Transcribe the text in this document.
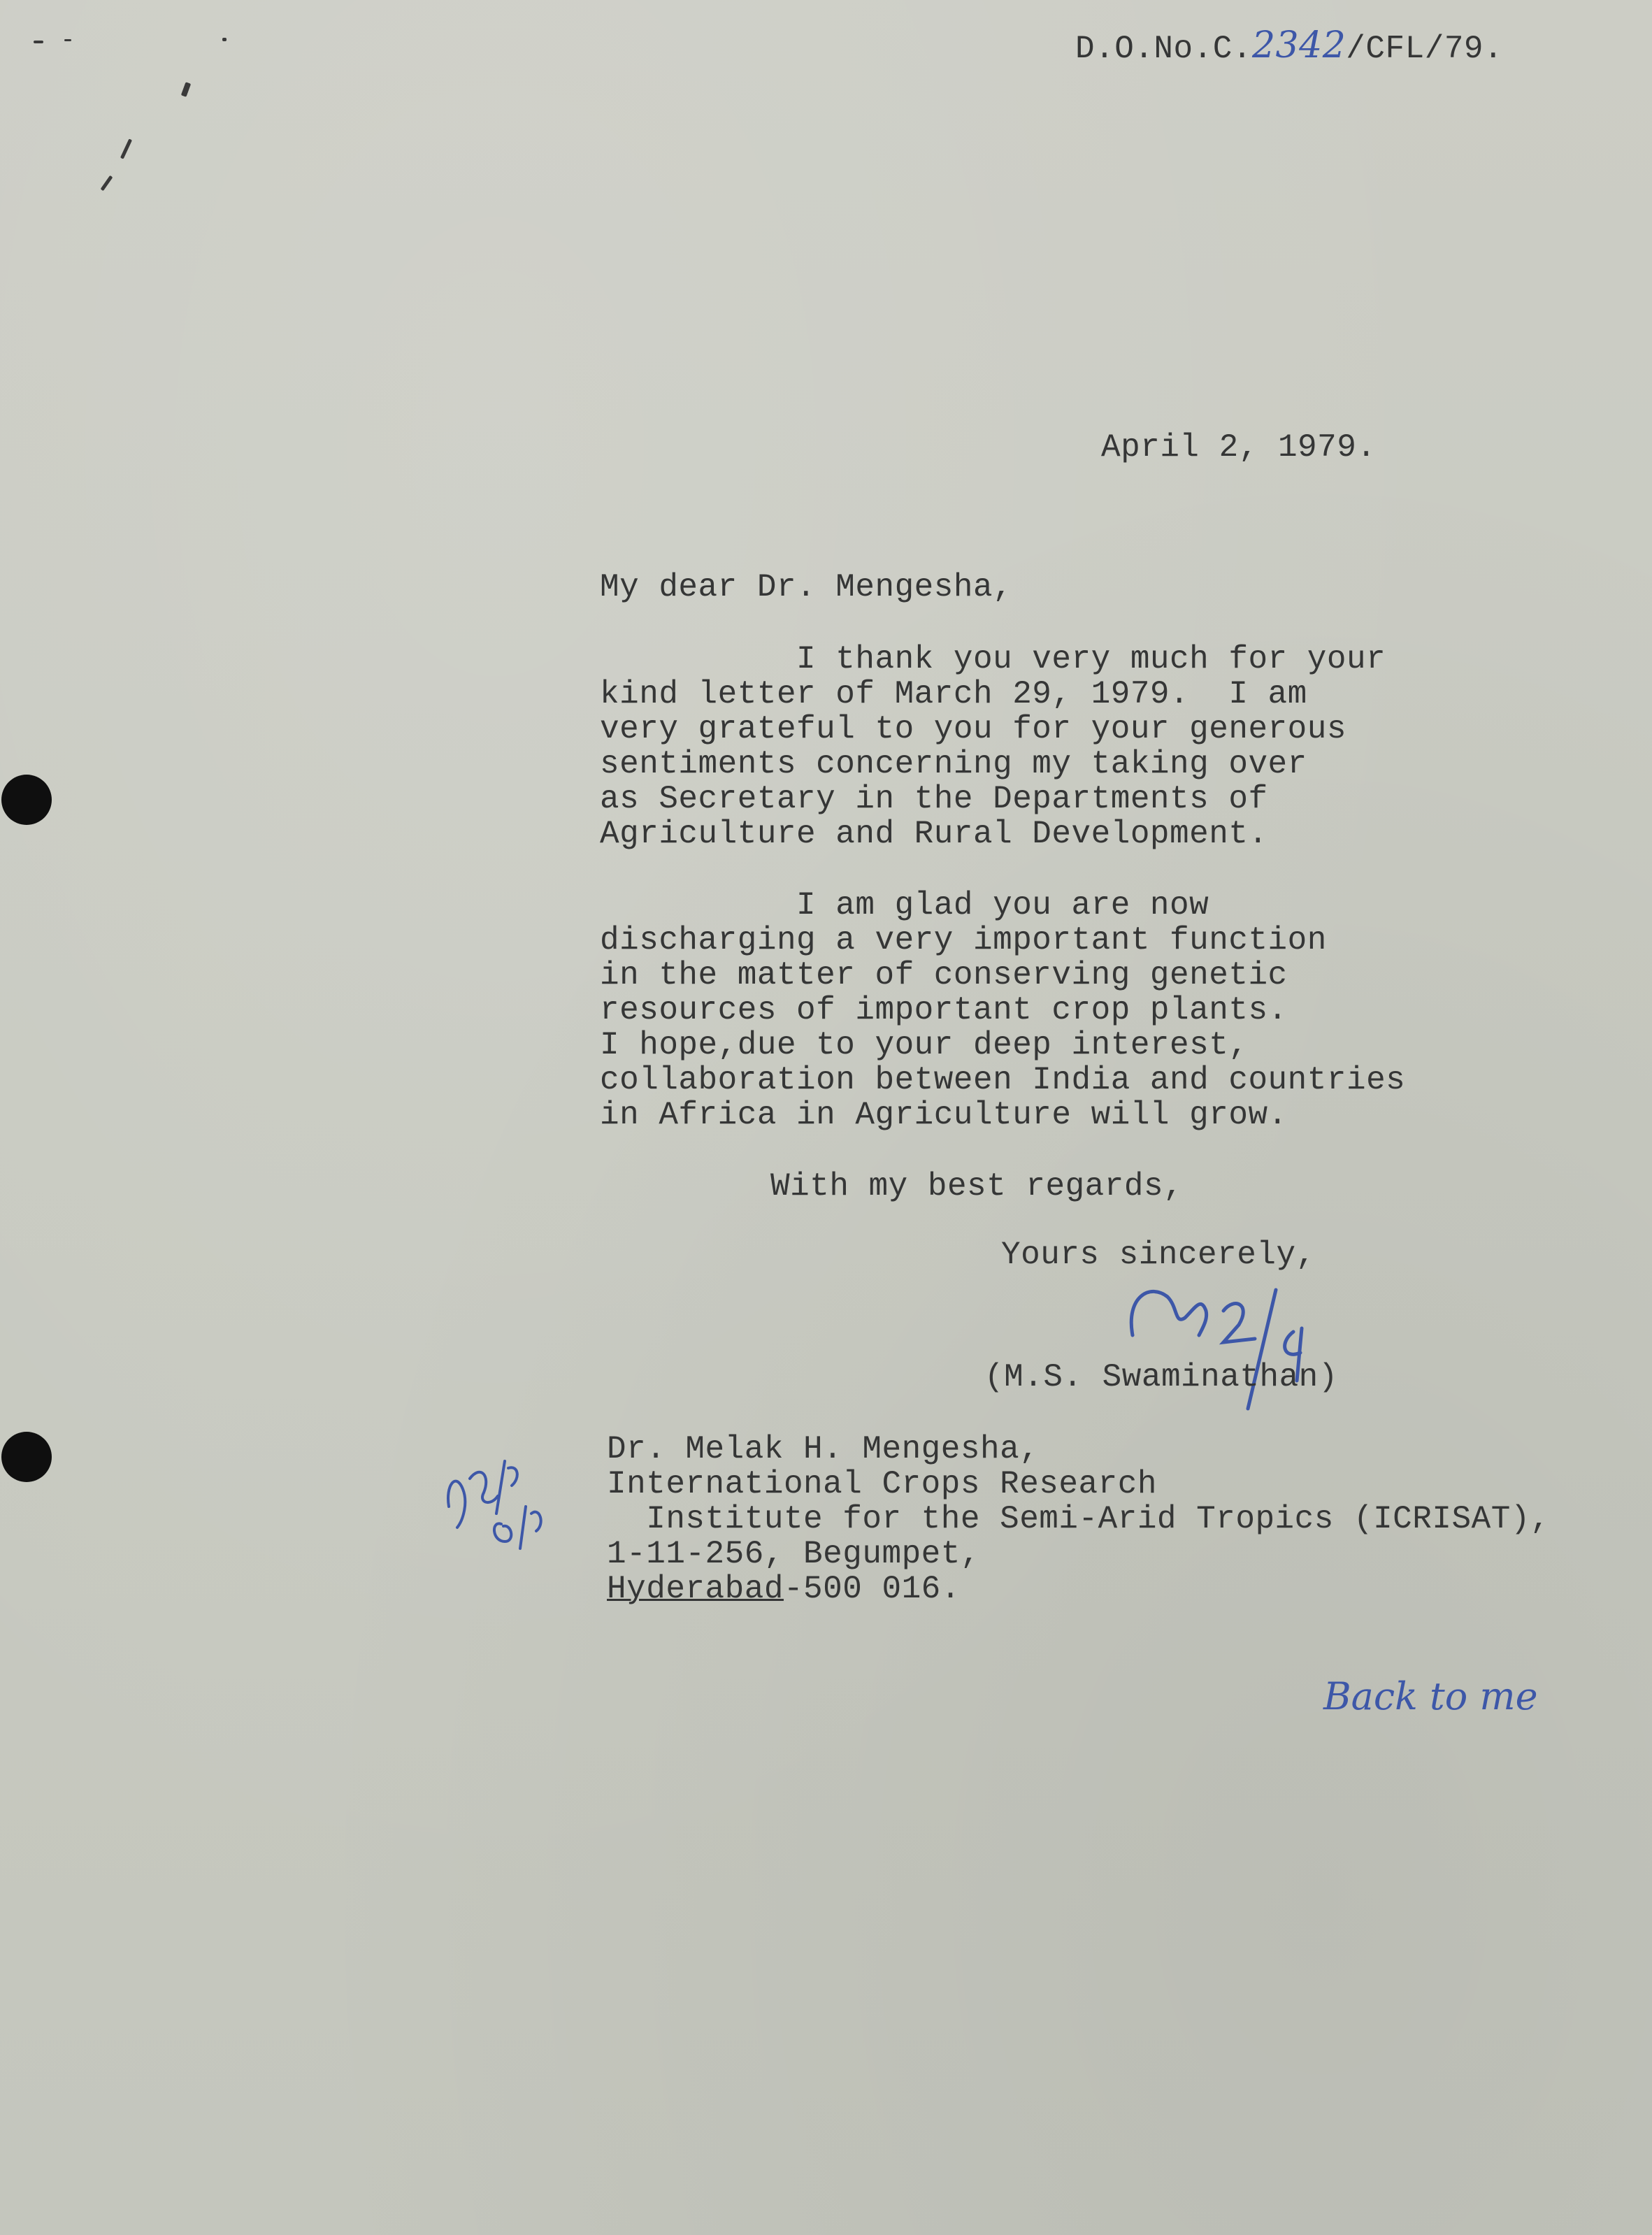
D.O.No.C.2342/CFL/79.
April 2, 1979.
My dear Dr. Mengesha,
I thank you very much for your
kind letter of March 29, 1979.  I am
very grateful to you for your generous
sentiments concerning my taking over
as Secretary in the Departments of
Agriculture and Rural Development.
I am glad you are now
discharging a very important function
in the matter of conserving genetic
resources of important crop plants.
I hope,due to your deep interest,
collaboration between India and countries
in Africa in Agriculture will grow.
With my best regards,
Yours sincerely,
(M.S. Swaminathan)
Dr. Melak H. Mengesha,
International Crops Research
Institute for the Semi-Arid Tropics (ICRISAT),
1-11-256, Begumpet,
Hyderabad-500 016.
Back to me
